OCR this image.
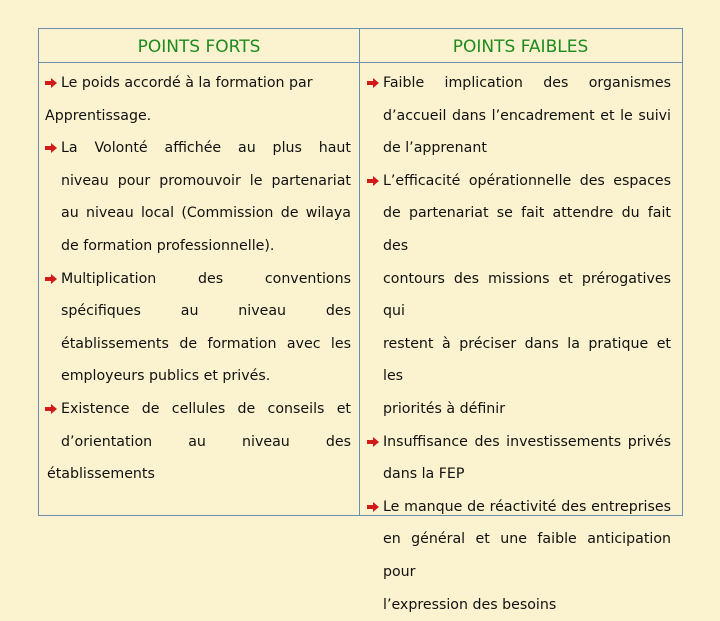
POINTS FORTS	POINTS FAIBLES
Le poids accordé à la formation par
Apprentissage.
La Volonté affichée au plus haut
niveau pour promouvoir le partenariat
au niveau local (Commission de wilaya
de formation professionnelle).
Multiplication des conventions
spécifiques au niveau des
établissements de formation avec les
employeurs publics et privés.
Existence de cellules de conseils et
d’orientation au niveau des
établissements
Faible implication des organismes
d’accueil dans l’encadrement et le suivi
de l’apprenant
L’efficacité opérationnelle des espaces
de partenariat se fait attendre du fait des
contours des missions et prérogatives qui
restent à préciser dans la pratique et les
priorités à définir
Insuffisance des investissements privés
dans la FEP
Le manque de réactivité des entreprises
en général et une faible anticipation pour
l’expression des besoins
